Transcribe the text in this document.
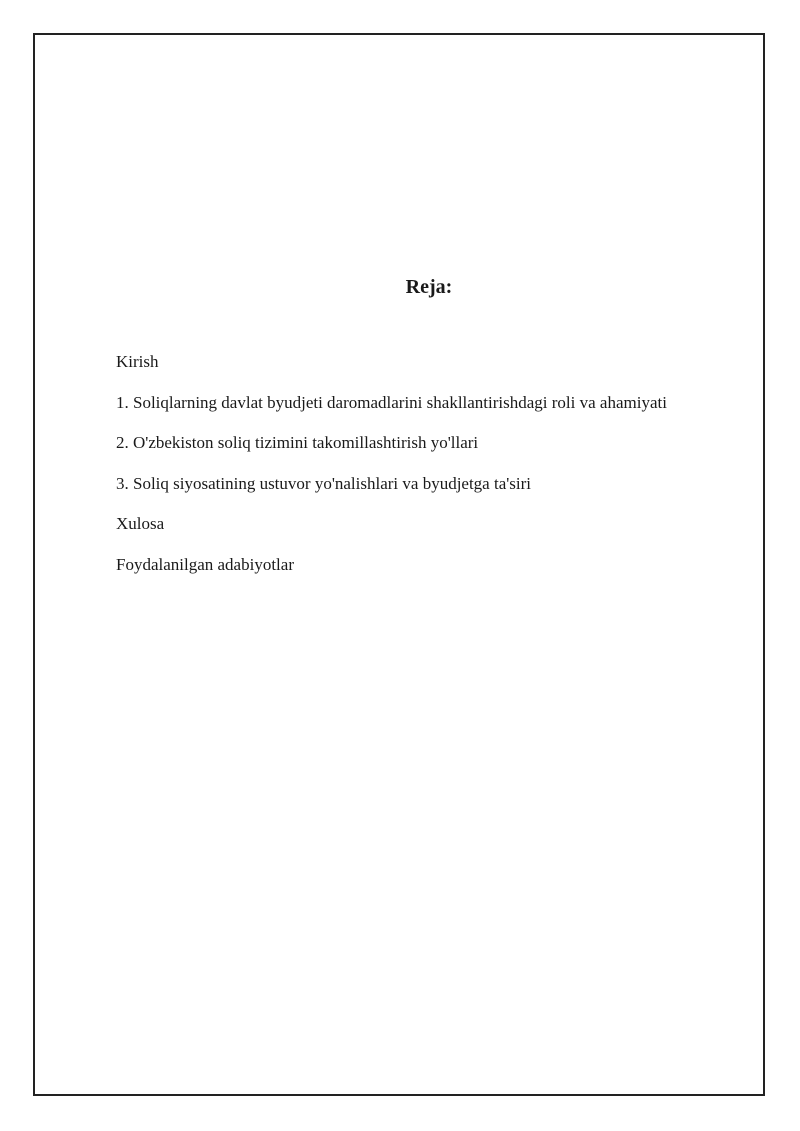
Reja:
Kirish
1. Soliqlarning davlat byudjeti daromadlarini shakllantirishdagi roli va ahamiyati
2. O'zbekiston soliq tizimini takomillashtirish yo'llari
3. Soliq siyosatining ustuvor yo'nalishlari va byudjetga ta'siri
Xulosa
Foydalanilgan adabiyotlar
